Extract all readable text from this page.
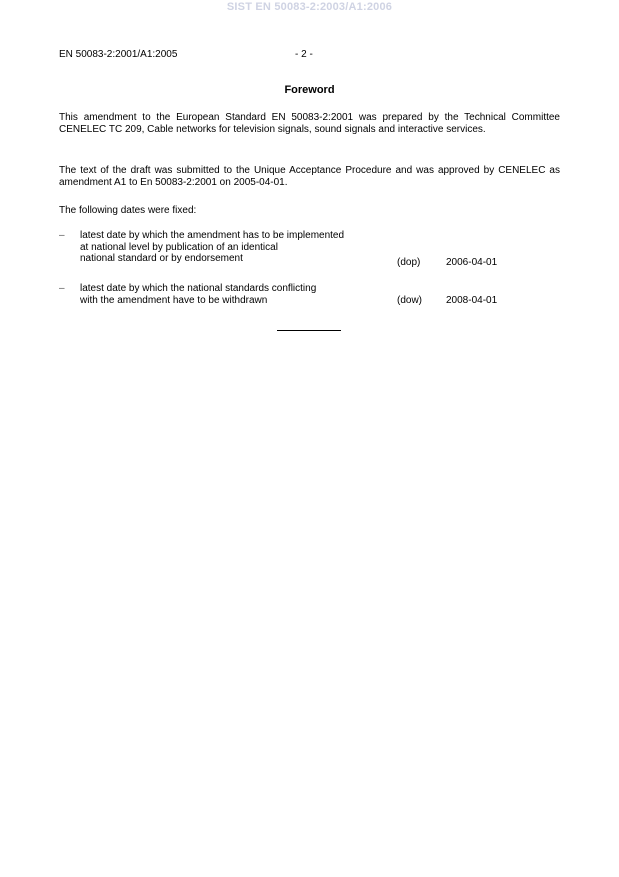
SIST EN 50083-2:2003/A1:2006
EN 50083-2:2001/A1:2005	- 2 -
Foreword

This amendment to the European Standard EN 50083-2:2001 was prepared by the Technical Committee CENELEC TC 209, Cable networks for television signals, sound signals and interactive services.

The text of the draft was submitted to the Unique Acceptance Procedure and was approved by CENELEC as amendment A1 to En 50083-2:2001 on 2005-04-01.

The following dates were fixed:

– latest date by which the amendment has to be implemented
at national level by publication of an identical
national standard or by endorsement	(dop)	2006-04-01
– latest date by which the national standards conflicting
with the amendment have to be withdrawn	(dow) 2008-04-01
